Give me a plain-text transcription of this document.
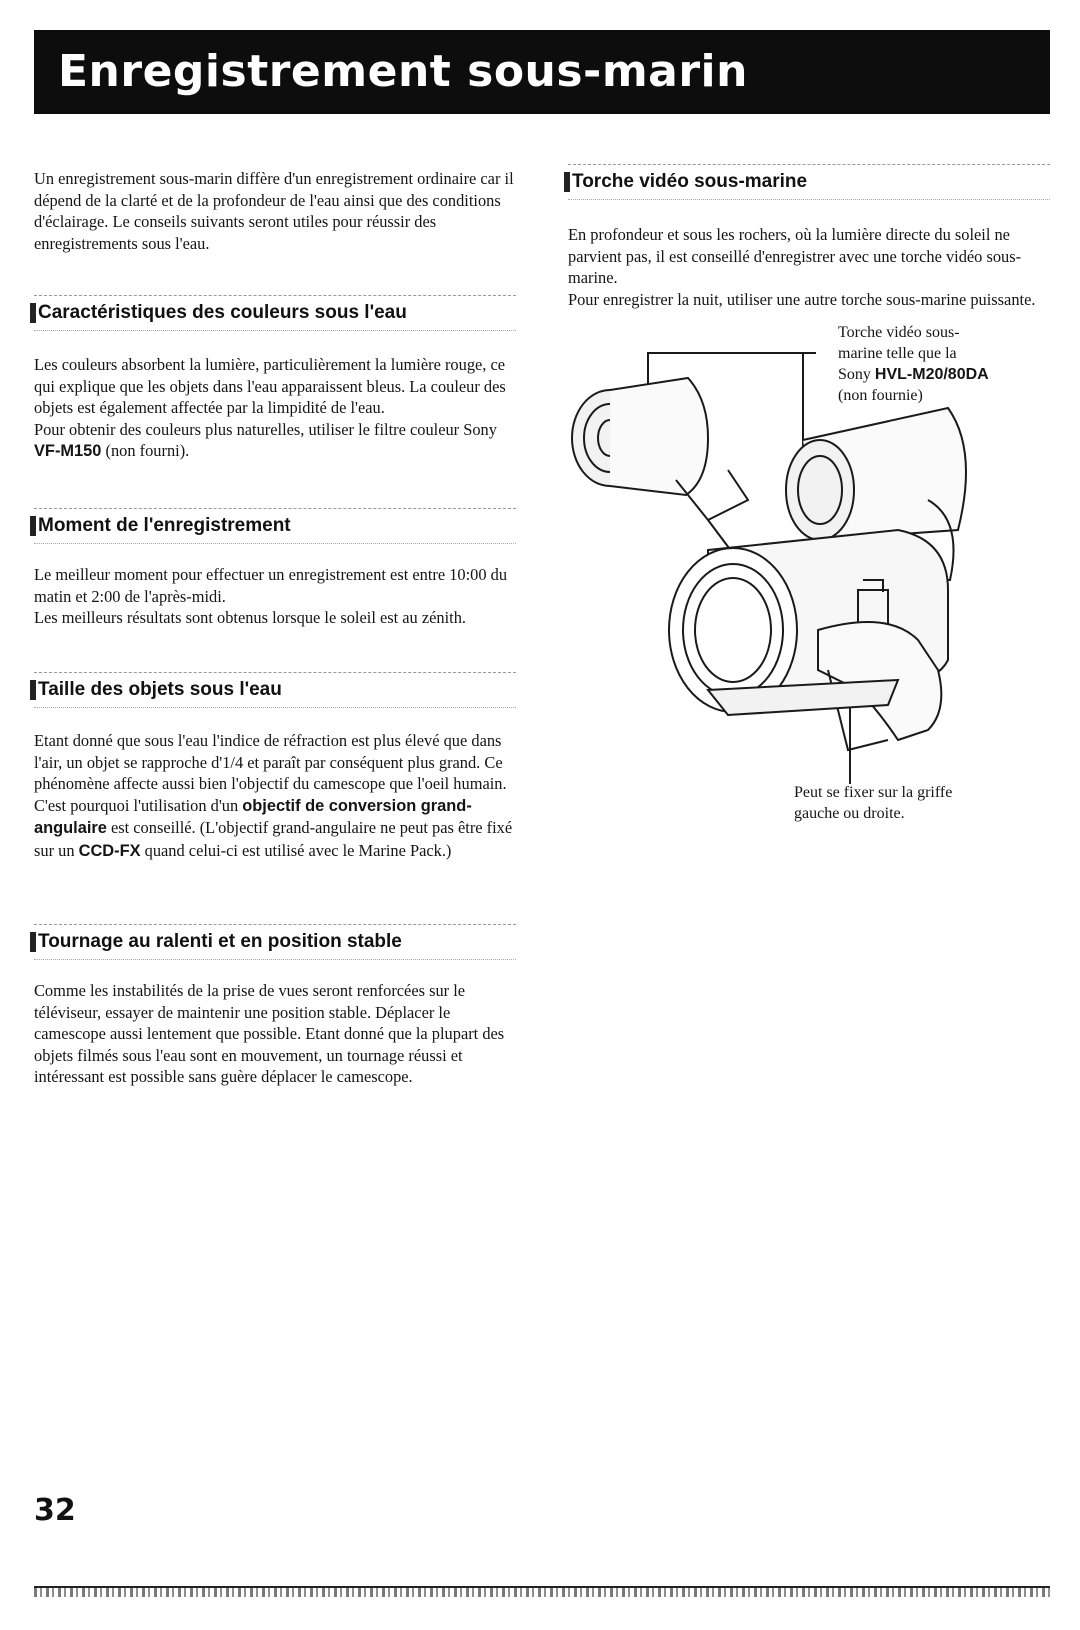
Enregistrement sous-marin

Un enregistrement sous-marin diffère d'un enregistrement ordinaire car il dépend de la clarté et de la profondeur de l'eau ainsi que des conditions d'éclairage. Le conseils suivants seront utiles pour réussir des enregistrements sous l'eau.

Caractéristiques des couleurs sous l'eau

Les couleurs absorbent la lumière, particulièrement la lumière rouge, ce qui explique que les objets dans l'eau apparaissent bleus. La couleur des objets est également affectée par la limpidité de l'eau.

Pour obtenir des couleurs plus naturelles, utiliser le filtre couleur Sony VF-M150 (non fourni).

Moment de l'enregistrement

Le meilleur moment pour effectuer un enregistrement est entre 10:00 du matin et 2:00 de l'après-midi.

Les meilleurs résultats sont obtenus lorsque le soleil est au zénith.

Taille des objets sous l'eau

Etant donné que sous l'eau l'indice de réfraction est plus élevé que dans l'air, un objet se rapproche d'1/4 et paraît par conséquent plus grand. Ce phénomène affecte aussi bien l'objectif du camescope que l'oeil humain. C'est pourquoi l'utilisation d'un objectif de conversion grand-angulaire est conseillé. (L'objectif grand-angulaire ne peut pas être fixé sur un CCD-FX quand celui-ci est utilisé avec le Marine Pack.)

Tournage au ralenti et en position stable

Comme les instabilités de la prise de vues seront renforcées sur le téléviseur, essayer de maintenir une position stable. Déplacer le camescope aussi lentement que possible. Etant donné que la plupart des objets filmés sous l'eau sont en mouvement, un tournage réussi et intéressant est possible sans guère déplacer le camescope.

Torche vidéo sous-marine

En profondeur et sous les rochers, où la lumière directe du soleil ne parvient pas, il est conseillé d'enregistrer avec une torche vidéo sous-marine.

Pour enregistrer la nuit, utiliser une autre torche sous-marine puissante.

Torche vidéo sous-
marine telle que la
Sony HVL-M20/80DA
(non fournie)
Peut se fixer sur la griffe
gauche ou droite.
32
